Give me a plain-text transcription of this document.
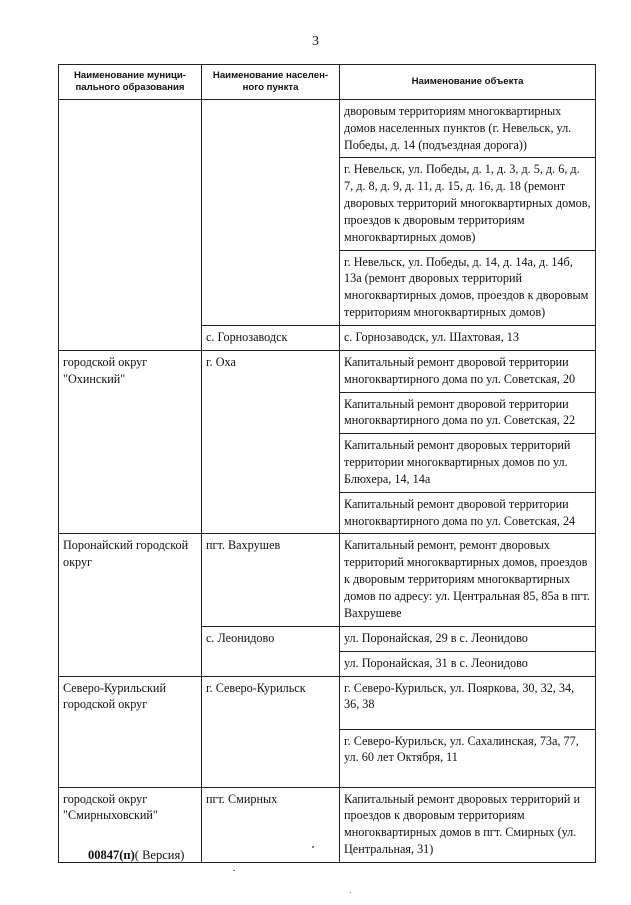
3
Наименование муници-
пального образования	Наименование населен-
ного пункта	Наименование объекта
		дворовым территориям многоквартирных домов населенных пунктов (г. Невельск, ул. Победы, д. 14 (подъездная дорога))
		г. Невельск, ул. Победы, д. 1, д. 3, д. 5, д. 6, д. 7, д. 8, д. 9, д. 11, д. 15, д. 16, д. 18 (ремонт дворовых территорий многоквартирных домов, проездов к дворовым территориям многоквартирных домов)
		г. Невельск, ул. Победы, д. 14, д. 14а, д. 14б, 13а (ремонт дворовых территорий многоквартирных домов, проездов к дворовым территориям многоквартирных домов)
	с. Горнозаводск	с. Горнозаводск, ул. Шахтовая, 13
городской округ "Охинский"	г. Оха	Капитальный ремонт дворовой территории многоквартирного дома по ул. Советская, 20
		Капитальный ремонт дворовой территории многоквартирного дома по ул. Советская, 22
		Капитальный ремонт дворовых территорий территории многоквартирных домов по ул. Блюхера, 14, 14а
		Капитальный ремонт дворовой территории многоквартирного дома по ул. Советская, 24
Поронайский городской округ	пгт. Вахрушев	Капитальный ремонт, ремонт дворовых территорий многоквартирных домов, проездов к дворовым территориям многоквартирных домов по адресу: ул. Центральная 85, 85а в пгт. Вахрушеве
	с. Леонидово	ул. Поронайская, 29 в с. Леонидово
		ул. Поронайская, 31 в с. Леонидово
Северо-Курильский городской округ	г. Северо-Курильск	г. Северо-Курильск, ул. Пояркова, 30, 32, 34, 36, 38
		г. Северо-Курильск, ул. Сахалинская, 73а, 77, ул. 60 лет Октября, 11
городской округ "Смирныховский"	пгт. Смирных	Капитальный ремонт дворовых территорий и проездов к дворовым территориям многоквартирных домов в пгт. Смирных (ул. Центральная, 31)
00847(п)( Версия)
